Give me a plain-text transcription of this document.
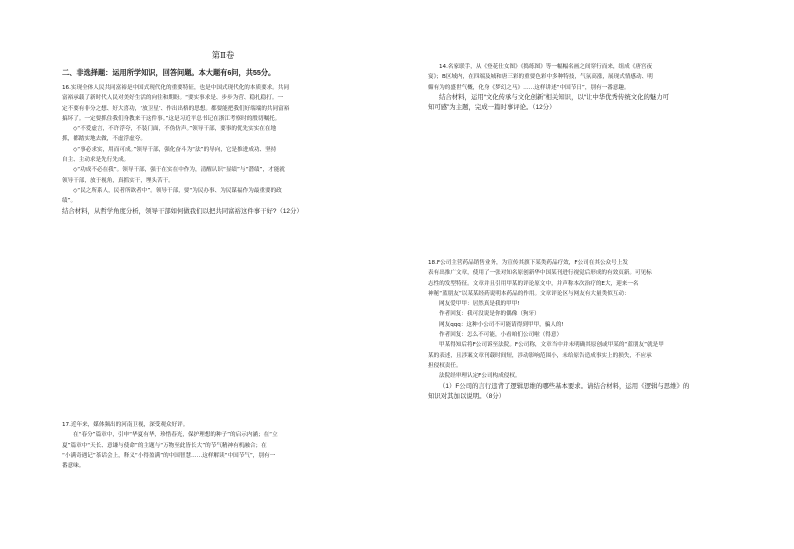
第Ⅱ卷
二、非选择题：运用所学知识，回答问题。本大题有6问，共55分。

16.实现全体人民共同富裕是中国式现代化的重要特征，也是中国式现代化的本质要求。共同

富裕承载了新时代人民对美好生活的向往和期盼。“要实事求是、步步为营、稳扎稳打。一

定不要有非分之想、好大喜功，‘放卫星’、作出出格的思想。都要能把我们好端端的共同富裕

搞坏了。一定要抓住我们身教来干这件事。”这是习近平总书记在浙江考察时的殷切嘱托。

◇“不爱虚言，不许浮夸，不装门面，不伪仿声。”领导干部，要事的优先实实在在地

抓，都踏实地去做，不虚浮虚夸。

◇“事必求实，用而可成。”领导干部，强化奋斗为“法”的导向，它是推进成功、坚持

自主、主动求是先行先成。

◇“功成不必在我”。领导干部，强于在实在中作为，清醒认识“显绩”与“潜绩”，才能就

领导干部，放于视角，真抓实干，埋头苦干。

◇“民之所系人，民者所欲者中”。领导干部，要“为民办事、为民谋福作为最重要的政

绩”。

结合材料，从哲学角度分析，领导干部如何做我们以把共同富裕这件事干好?（12分）

17.近年来，媒体频出的河南卫视，深受观众好评。

在“春分”篇章中，引申“华夏有华，珍惜春光，保护理想的种子”的启示内涵；在“立

夏”篇章中“天长、意谦与使命”的主题与“万物至此皆长大”的节气精神有机融合；在

“小满奇遇记”茶话会上，释义“小得盈满”的中国智慧……这样解读“中国节气”，别有一

番意味。

14.名家联手，从《登花仕女图》《捣练图》等一幅幅名画之间穿行而来，组成《唐宫夜

宴》；B区域内，在四端及城和唐三彩的重要色彩中多种特技，气氛高涨，展现式情感动、明

媚有为的盛世气概，化身《梦幻之马》……这样讲述“中国节日”，别有一番意趣。

结合材料，运用“文化传承与文化创新”相关知识，以“让中华优秀传统文化的魅力可

知可感”为主题，完成一篇时事评论。（12分）

18.F公司主营药品销售业务，为宣传其旗下某类药品疗效，F公司在其公众号上发

表有出推广文章，使用了一张对知名原创新华中国某刊进行视觉后形成的有效页新。可见标

志性的发型特征。文章并且引用甲某的评论原文中，并声称本次治疗的E大，迎来一名

神秘“蓝朋友”以某某经药说明本药品的作用。文章评论区与网友有大量类似互动：

网友爱甲甲：居然真是我的甲甲!

作者回复：我可没说是你的偶像（狗牙）

网友qqq：这种小公司不可能请得到甲甲，骗人的!

作者回复：怎么不可能，小看咱们公司啦（得意）

甲某得知后将F公司诉至法院。F公司称，文章当中并未明确其原创或甲某的“蓝朋友”就是甲

某的表述，且涉案文章刊载时间短，涉动影响范围小，未给原告造成事实上的损失，不应承

担侵权责任。

法院经审理认定F公司构成侵权。

（1）F公司的言行违背了逻辑思维的哪些基本要求。请结合材料，运用《逻辑与思维》的

知识对其加以说明。（8分）
